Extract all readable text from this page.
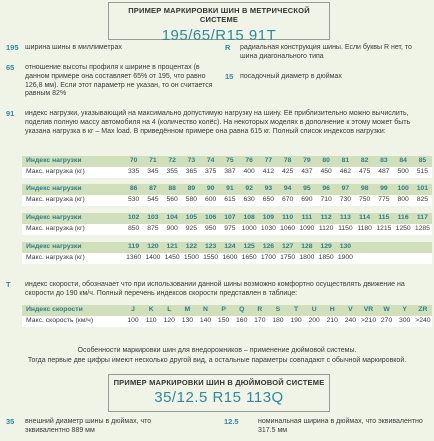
ПРИМЕР МАРКИРОВКИ ШИН В МЕТРИЧЕСКОЙ СИСТЕМЕ
195/65/R15 91T
195 ширина шины в миллиметрах	R радиальная конструкция шины. Если буквы R нет, то шина диагонального типа
65 отношение высоты профиля к ширине в процентах (в данном примере она составляет 65% от 195, что равно 126,8 мм). Если этот параметр не указан, то он считается равным 82%
15 посадочный диаметр в дюймах
91 индекс нагрузки, указывающий на максимально допустимую нагрузку на шину. Её приблизительно можно вычислить, поделив полную массу автомобиля на 4 (количество колёс). На некоторых моделях в дополнение к этому может быть указана нагрузка в кг – Max load. В приведённом примере она равна 615 кг. Полный список индексов нагрузки:
Индекс нагрузки	70	71	72	73	74	75	76	77	78	79	80	81	82	83	84	85
Макс. нагрузка (кг)	335	345	355	365	375	387	400	412	425	437	450	462	475	487	500	515
Индекс нагрузки	86	87	88	89	90	91	92	93	94	95	96	97	98	99	100	101
Макс. нагрузка (кг)	530	545	560	580	600	615	630	650	670	690	710	730	750	775	800	825
Индекс нагрузки	102	103	104	105	106	107	108	109	110	111	112	113	114	115	116	117
Макс. нагрузка (кг)	850	875	900	925	950	975	1000	1030	1060	1090	1120	1150	1180	1215	1250	1285
Индекс нагрузки	119	120	121	122	123	124	125	126	127	128	129	130				
Макс. нагрузка (кг)	1360	1400	1450	1500	1550	1600	1650	1700	1750	1800	1850	1900				
T индекс скорости, обозначает что при использовании данной шины возможно комфортно осуществлять движение на скорости до 190 км/ч. Полный перечень индексов скорости представлен в таблице:
Индекс скорости	J	K	L	M	N	P	Q	R	S	T	U	H	V	VR	W	Y	ZR
Макс. скорость (км/ч)	100	110	120	130	140	150	160	170	180	190	200	210	240	>210	270	300	>240
Особенности маркировки шин для внедорожников – применение дюймовой системы.
Тогда первые две цифры имеют несколько другой вид, а остальные параметры совпадают с обычной маркировкой.
ПРИМЕР МАРКИРОВКИ ШИН В ДЮЙМОВОЙ СИСТЕМЕ
35/12.5 R15 113Q
35 внешний диаметр шины в дюймах, что эквивалентно 889 мм
12.5	номинальная ширина в дюймах, что эквивалентно 317.5 мм
